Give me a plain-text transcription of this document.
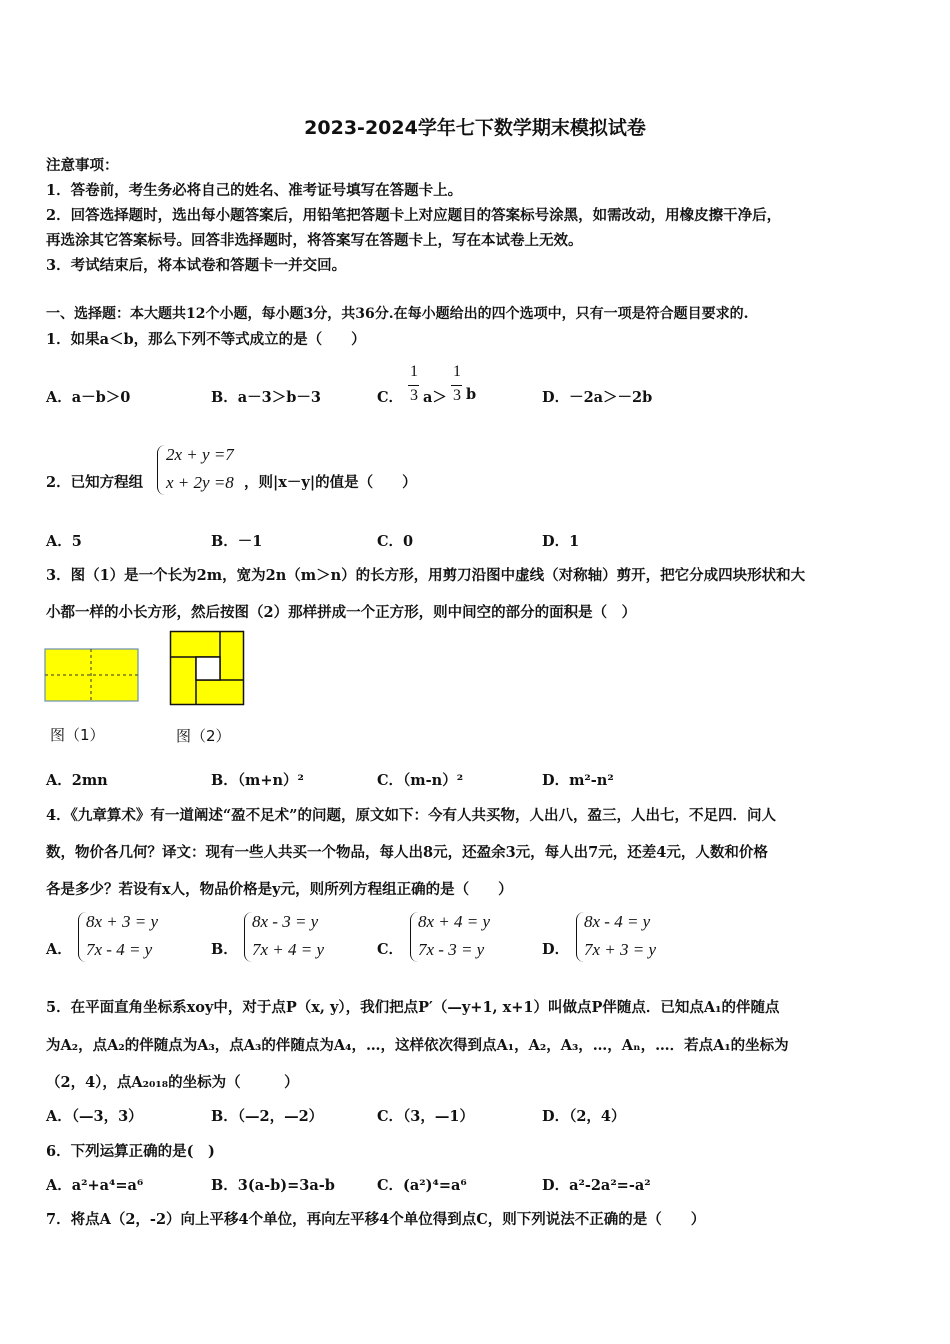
2023-2024学年七下数学期末模拟试卷
注意事项：
1．答卷前，考生务必将自己的姓名、准考证号填写在答题卡上。
2．回答选择题时，选出每小题答案后，用铅笔把答题卡上对应题目的答案标号涂黑，如需改动，用橡皮擦干净后，
再选涂其它答案标号。回答非选择题时，将答案写在答题卡上，写在本试卷上无效。
3．考试结束后，将本试卷和答题卡一并交回。
一、选择题：本大题共12个小题，每小题3分，共36分.在每小题给出的四个选项中，只有一项是符合题目要求的.
1．如果a＜b，那么下列不等式成立的是（　　）
A．a－b＞0	B．a－3＞b－3	C．
1
3 a＞
1
3 b	D．－2a＞－2b
2．已知方程组
2x + y =7
x + 2y =8 ，则|x－y|的值是（　　）
A．5	B．－1	C．0	D．1
3．图（1）是一个长为2m，宽为2n（m＞n）的长方形，用剪刀沿图中虚线（对称轴）剪开，把它分成四块形状和大
小都一样的小长方形，然后按图（2）那样拼成一个正方形，则中间空的部分的面积是（　）
图（1）	图（2）
A．2mn	B．（m+n）²	C．（m-n）²	D．m²-n²
4．《九章算术》有一道阐述“盈不足术”的问题，原文如下：今有人共买物，人出八，盈三，人出七，不足四．问人
数，物价各几何？译文：现有一些人共买一个物品，每人出8元，还盈余3元，每人出7元，还差4元，人数和价格
各是多少？若设有x人，物品价格是y元，则所列方程组正确的是（　　）
A．
8x + 3 = y
7x - 4 = y	B．
8x - 3 = y
7x + 4 = y	C．
8x + 4 = y
7x - 3 = y	D．
8x - 4 = y
7x + 3 = y
5．在平面直角坐标系xoy中，对于点P（x, y），我们把点P′（—y+1, x+1）叫做点P伴随点．已知点A₁的伴随点
为A₂，点A₂的伴随点为A₃，点A₃的伴随点为A₄，…，这样依次得到点A₁，A₂，A₃，…，Aₙ，…．若点A₁的坐标为
（2，4），点A₂₀₁₈的坐标为（　　　）
A．（—3，3）	B．（—2，—2）	C．（3，—1）	D．（2，4）
6．下列运算正确的是(　)
A．a²+a⁴=a⁶	B．3(a-b)=3a-b	C．(a²)⁴=a⁶	D．a²-2a²=-a²
7．将点A（2，-2）向上平移4个单位，再向左平移4个单位得到点C，则下列说法不正确的是（　　）
